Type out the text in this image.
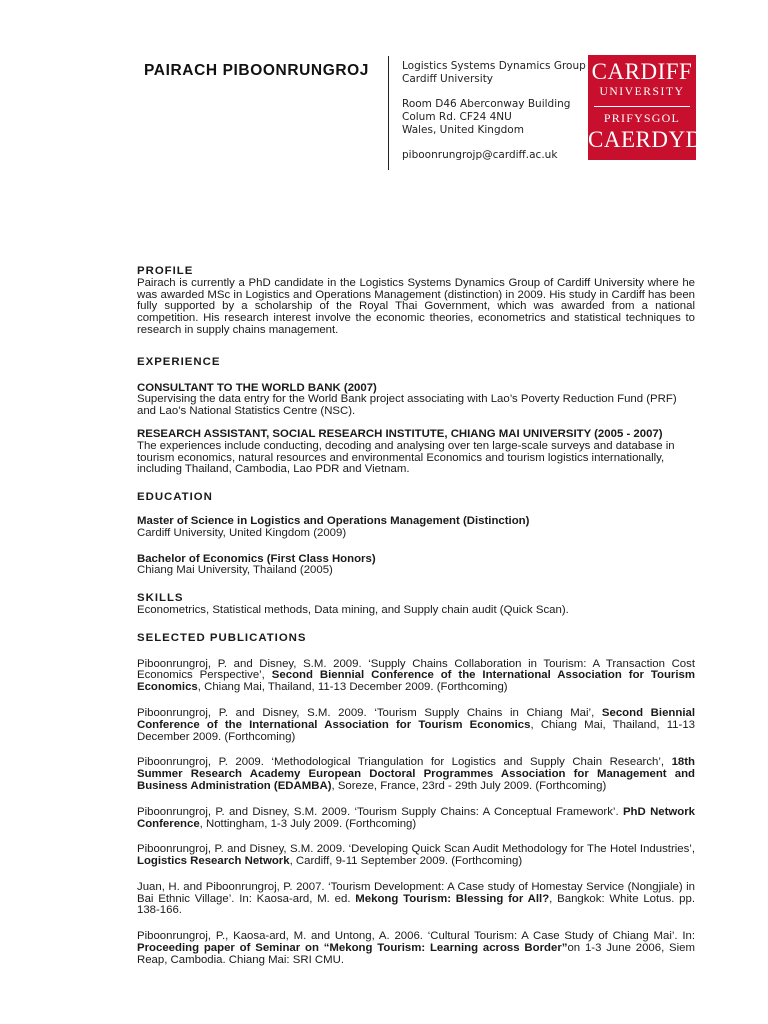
PAIRACH PIBOONRUNGROJ	Logistics Systems Dynamics Group
Cardiff University
Room D46 Aberconway Building
Colum Rd. CF24 4NU
Wales, United Kingdom
piboonrungrojp@cardiff.ac.uk
CARDIFF
UNIVERSITY
PRIFYSGOL
CAERDYDD

PROFILE

Pairach is currently a PhD candidate in the Logistics Systems Dynamics Group of Cardiff University where he was awarded MSc in Logistics and Operations Management (distinction) in 2009. His study in Cardiff has been fully supported by a scholarship of the Royal Thai Government, which was awarded from a national competition. His research interest involve the economic theories, econometrics and statistical techniques to research in supply chains management.

EXPERIENCE

CONSULTANT TO THE WORLD BANK (2007)

Supervising the data entry for the World Bank project associating with Lao’s Poverty Reduction Fund (PRF) and Lao’s National Statistics Centre (NSC).

RESEARCH ASSISTANT, SOCIAL RESEARCH INSTITUTE, CHIANG MAI UNIVERSITY (2005 - 2007)

The experiences include conducting, decoding and analysing over ten large-scale surveys and database in tourism economics, natural resources and environmental Economics and tourism logistics internationally, including Thailand, Cambodia, Lao PDR and Vietnam.

EDUCATION

Master of Science in Logistics and Operations Management (Distinction)

Cardiff University, United Kingdom (2009)

Bachelor of Economics (First Class Honors)

Chiang Mai University, Thailand (2005)

SKILLS

Econometrics, Statistical methods, Data mining, and Supply chain audit (Quick Scan).

SELECTED PUBLICATIONS

Piboonrungroj, P. and Disney, S.M. 2009. ‘Supply Chains Collaboration in Tourism: A Transaction Cost Economics Perspective’, Second Biennial Conference of the International Association for Tourism Economics, Chiang Mai, Thailand, 11-13 December 2009. (Forthcoming)

Piboonrungroj, P. and Disney, S.M. 2009. ‘Tourism Supply Chains in Chiang Mai’, Second Biennial Conference of the International Association for Tourism Economics, Chiang Mai, Thailand, 11-13 December 2009. (Forthcoming)

Piboonrungroj, P. 2009. ‘Methodological Triangulation for Logistics and Supply Chain Research’, 18th Summer Research Academy European Doctoral Programmes Association for Management and Business Administration (EDAMBA), Soreze, France, 23rd - 29th July 2009. (Forthcoming)

Piboonrungroj, P. and Disney, S.M. 2009. ‘Tourism Supply Chains: A Conceptual Framework’. PhD Network Conference, Nottingham, 1-3 July 2009. (Forthcoming)

Piboonrungroj, P. and Disney, S.M. 2009. ‘Developing Quick Scan Audit Methodology for The Hotel Industries’, Logistics Research Network, Cardiff, 9-11 September 2009. (Forthcoming)

Juan, H. and Piboonrungroj, P. 2007. ‘Tourism Development: A Case study of Homestay Service (Nongjiale) in Bai Ethnic Village’. In: Kaosa-ard, M. ed. Mekong Tourism: Blessing for All?, Bangkok: White Lotus. pp. 138-166.

Piboonrungroj, P., Kaosa-ard, M. and Untong, A. 2006. ‘Cultural Tourism: A Case Study of Chiang Mai’. In: Proceeding paper of Seminar on “Mekong Tourism: Learning across Border”on 1-3 June 2006, Siem Reap, Cambodia. Chiang Mai: SRI CMU.
